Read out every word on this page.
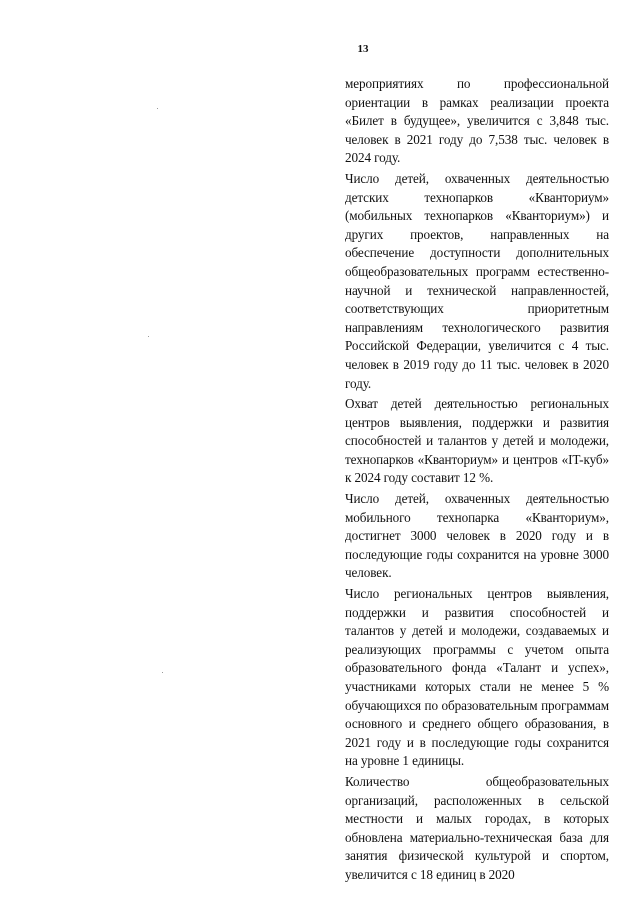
13

мероприятиях по профессиональной ориентации в рамках реализации проекта «Билет в будущее», увеличится с 3,848 тыс. человек в 2021 году до 7,538 тыс. человек в 2024 году.

Число детей, охваченных деятельностью детских технопарков «Кванториум» (мобильных технопарков «Кванториум») и других проектов, направленных на обеспечение доступности дополнительных общеобразовательных программ естественно-научной и технической направленностей, соответствующих приоритетным направлениям технологического развития Российской Федерации, увеличится с 4 тыс. человек в 2019 году до 11 тыс. человек в 2020 году.

Охват детей деятельностью региональных центров выявления, поддержки и развития способностей и талантов у детей и молодежи, технопарков «Кванториум» и центров «IT-куб» к 2024 году составит 12 %.

Число детей, охваченных деятельностью мобильного технопарка «Кванториум», достигнет 3000 человек в 2020 году и в последующие годы сохранится на уровне 3000 человек.

Число региональных центров выявления, поддержки и развития способностей и талантов у детей и молодежи, создаваемых и реализующих программы с учетом опыта образовательного фонда «Талант и успех», участниками которых стали не менее 5 % обучающихся по образовательным программам основного и среднего общего образования, в 2021 году и в последующие годы сохранится на уровне 1 единицы.

Количество общеобразовательных организаций, расположенных в сельской местности и малых городах, в которых обновлена материально-техническая база для занятия физической культурой и спортом, увеличится с 18 единиц в 2020
